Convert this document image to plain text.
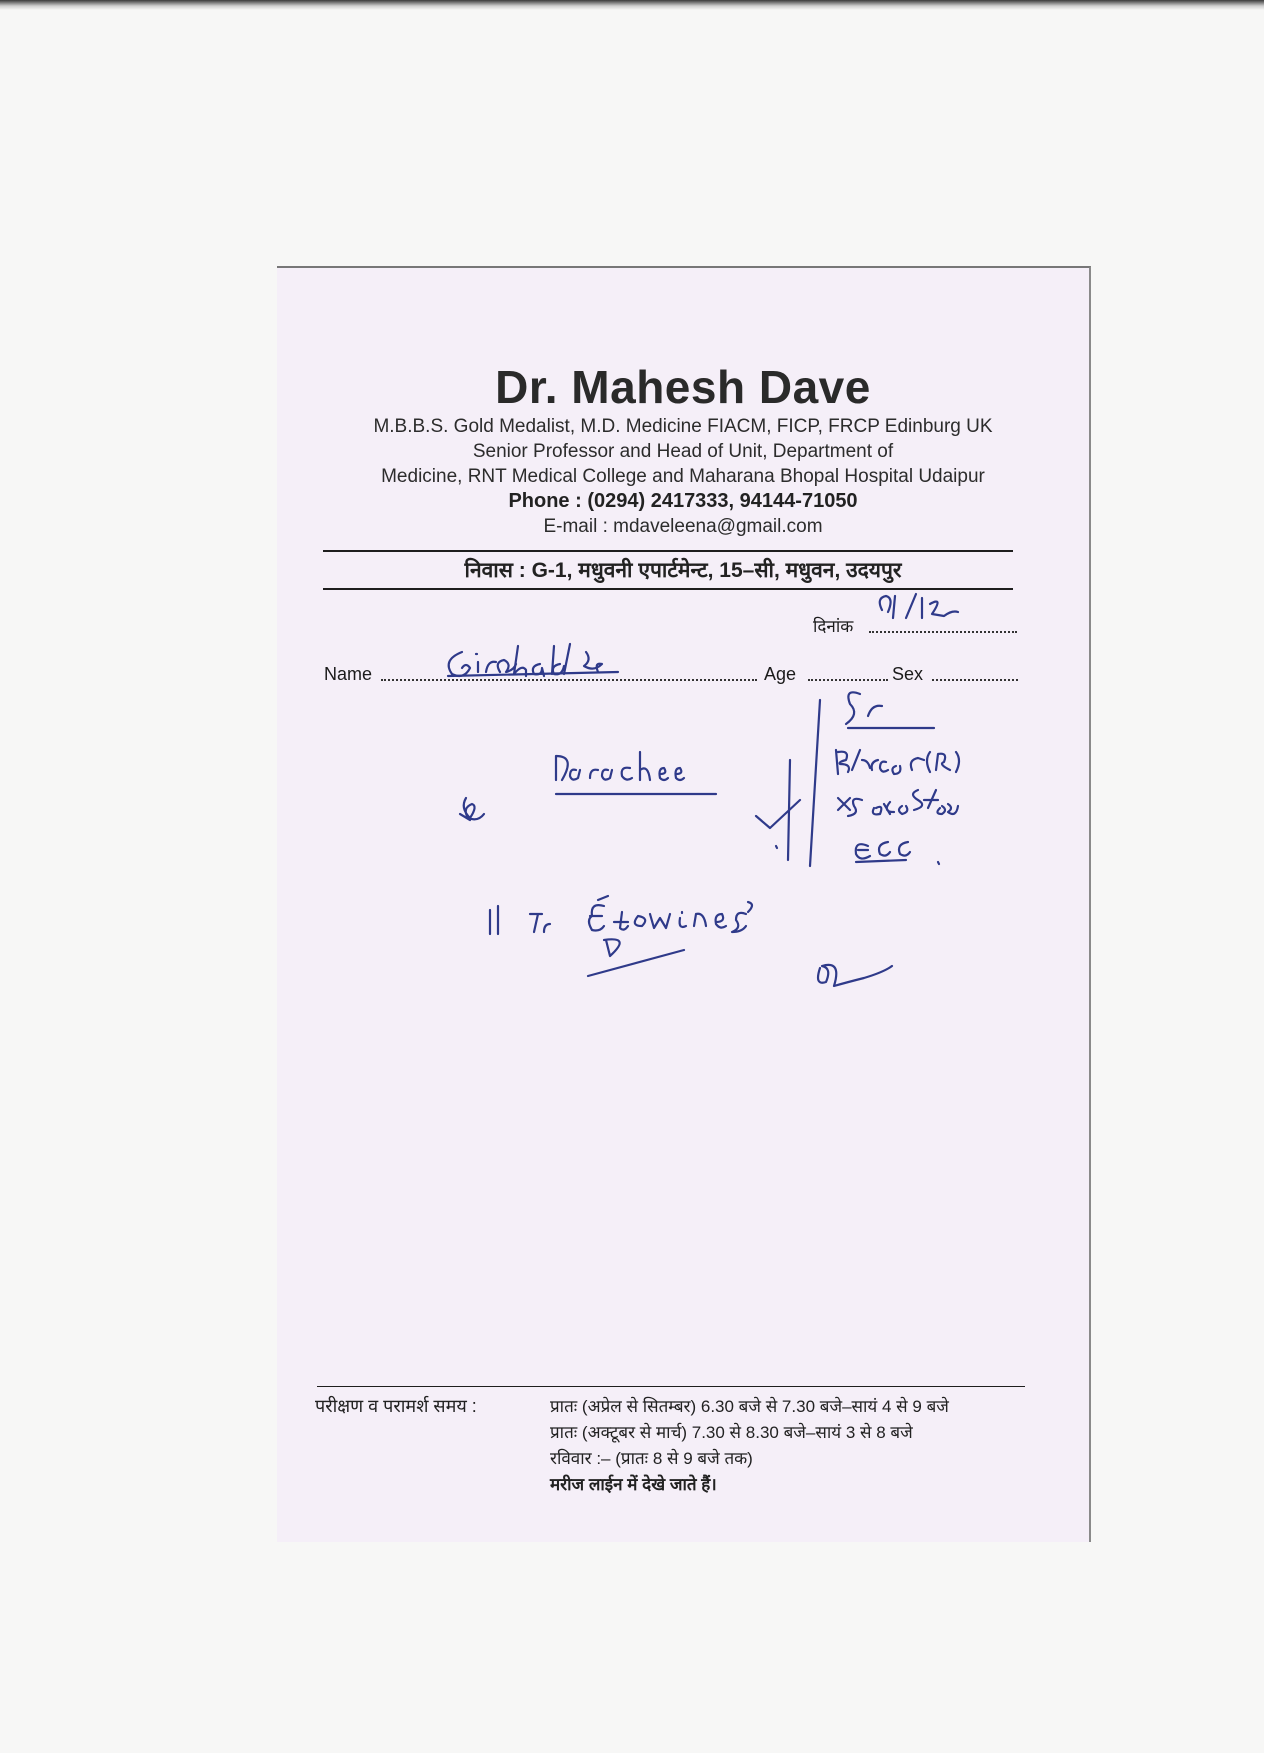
Dr. Mahesh Dave
M.B.B.S. Gold Medalist, M.D. Medicine FIACM, FICP, FRCP Edinburg UK
Senior Professor and Head of Unit, Department of
Medicine, RNT Medical College and Maharana Bhopal Hospital Udaipur
Phone : (0294) 2417333, 94144-71050
E-mail : mdaveleena@gmail.com
निवास : G-1, मधुवनी एपार्टमेन्ट, 15–सी, मधुवन, उदयपुर
दिनांक
Name	Age	Sex
परीक्षण व परामर्श समय :	प्रातः (अप्रेल से सितम्बर) 6.30 बजे से 7.30 बजे–सायं 4 से 9 बजे
प्रातः (अक्टूबर से मार्च) 7.30 से 8.30 बजे–सायं 3 से 8 बजे
रविवार :– (प्रातः 8 से 9 बजे तक)
मरीज लाईन में देखे जाते हैं।
